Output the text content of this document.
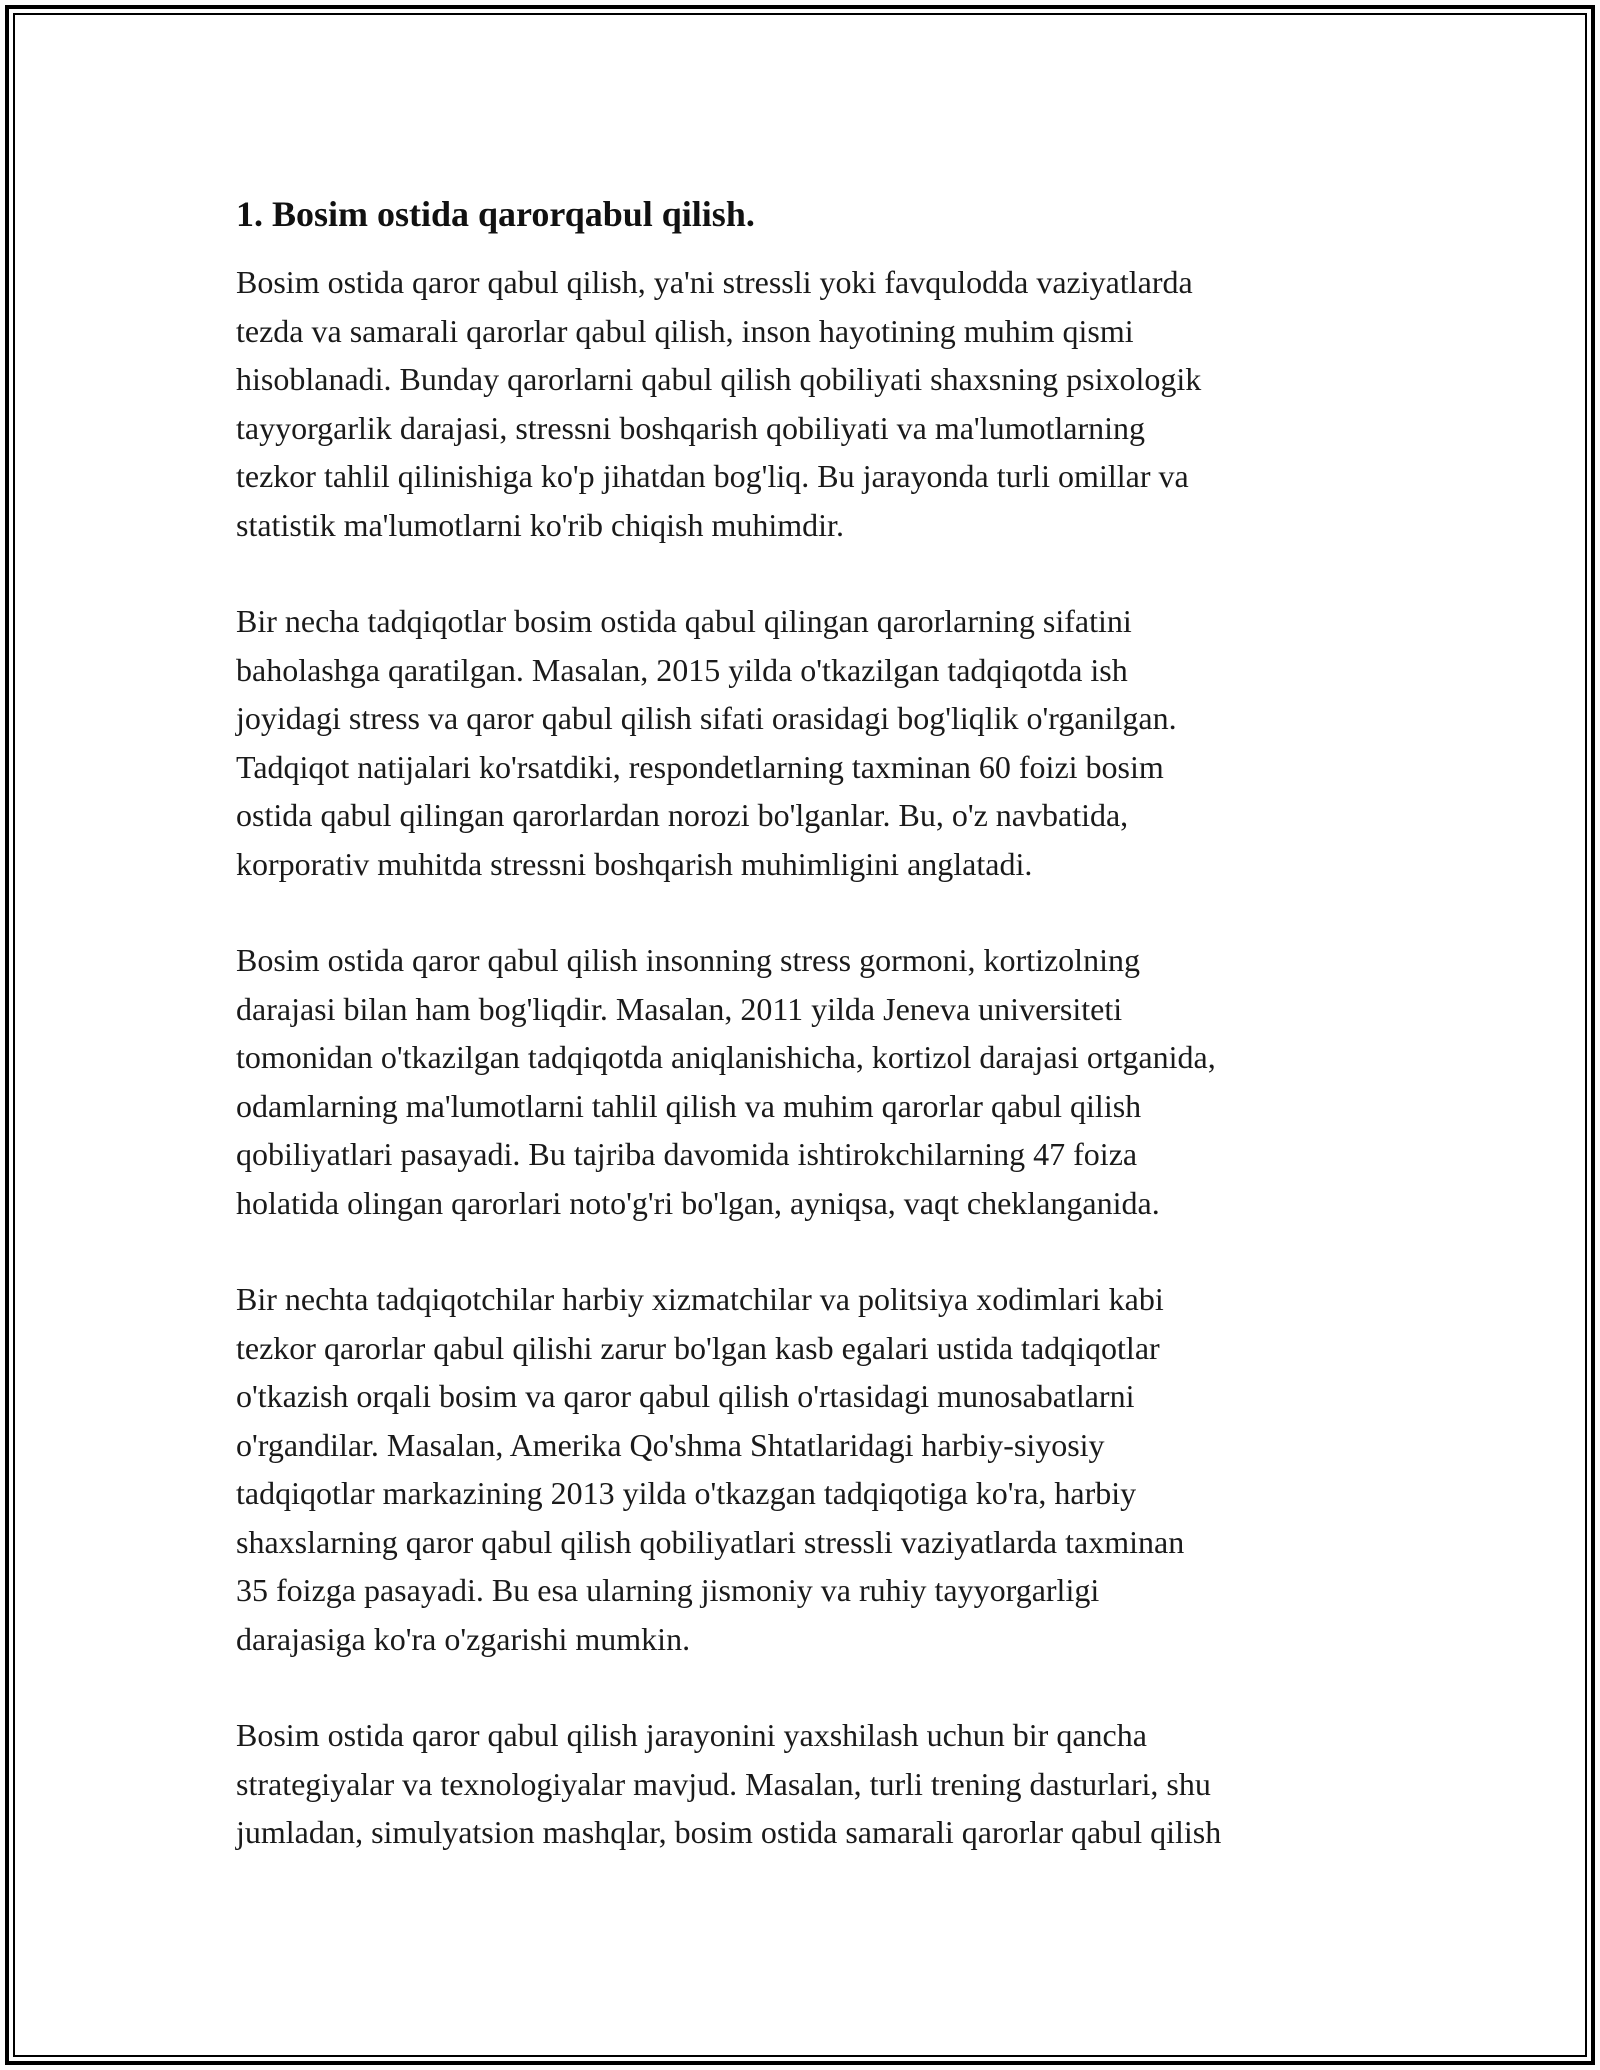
1. Bosim ostida qarorqabul qilish.

Bosim ostida qaror qabul qilish, ya'ni stressli yoki favqulodda vaziyatlarda
tezda va samarali qarorlar qabul qilish, inson hayotining muhim qismi
hisoblanadi. Bunday qarorlarni qabul qilish qobiliyati shaxsning psixologik
tayyorgarlik darajasi, stressni boshqarish qobiliyati va ma'lumotlarning
tezkor tahlil qilinishiga ko'p jihatdan bog'liq. Bu jarayonda turli omillar va
statistik ma'lumotlarni ko'rib chiqish muhimdir.

Bir necha tadqiqotlar bosim ostida qabul qilingan qarorlarning sifatini
baholashga qaratilgan. Masalan, 2015 yilda o'tkazilgan tadqiqotda ish
joyidagi stress va qaror qabul qilish sifati orasidagi bog'liqlik o'rganilgan.
Tadqiqot natijalari ko'rsatdiki, respondetlarning taxminan 60 foizi bosim
ostida qabul qilingan qarorlardan norozi bo'lganlar. Bu, o'z navbatida,
korporativ muhitda stressni boshqarish muhimligini anglatadi.

Bosim ostida qaror qabul qilish insonning stress gormoni, kortizolning
darajasi bilan ham bog'liqdir. Masalan, 2011 yilda Jeneva universiteti
tomonidan o'tkazilgan tadqiqotda aniqlanishicha, kortizol darajasi ortganida,
odamlarning ma'lumotlarni tahlil qilish va muhim qarorlar qabul qilish
qobiliyatlari pasayadi. Bu tajriba davomida ishtirokchilarning 47 foiza
holatida olingan qarorlari noto'g'ri bo'lgan, ayniqsa, vaqt cheklanganida.

Bir nechta tadqiqotchilar harbiy xizmatchilar va politsiya xodimlari kabi
tezkor qarorlar qabul qilishi zarur bo'lgan kasb egalari ustida tadqiqotlar
o'tkazish orqali bosim va qaror qabul qilish o'rtasidagi munosabatlarni
o'rgandilar. Masalan, Amerika Qo'shma Shtatlaridagi harbiy-siyosiy
tadqiqotlar markazining 2013 yilda o'tkazgan tadqiqotiga ko'ra, harbiy
shaxslarning qaror qabul qilish qobiliyatlari stressli vaziyatlarda taxminan
35 foizga pasayadi. Bu esa ularning jismoniy va ruhiy tayyorgarligi
darajasiga ko'ra o'zgarishi mumkin.

Bosim ostida qaror qabul qilish jarayonini yaxshilash uchun bir qancha
strategiyalar va texnologiyalar mavjud. Masalan, turli trening dasturlari, shu
jumladan, simulyatsion mashqlar, bosim ostida samarali qarorlar qabul qilish
